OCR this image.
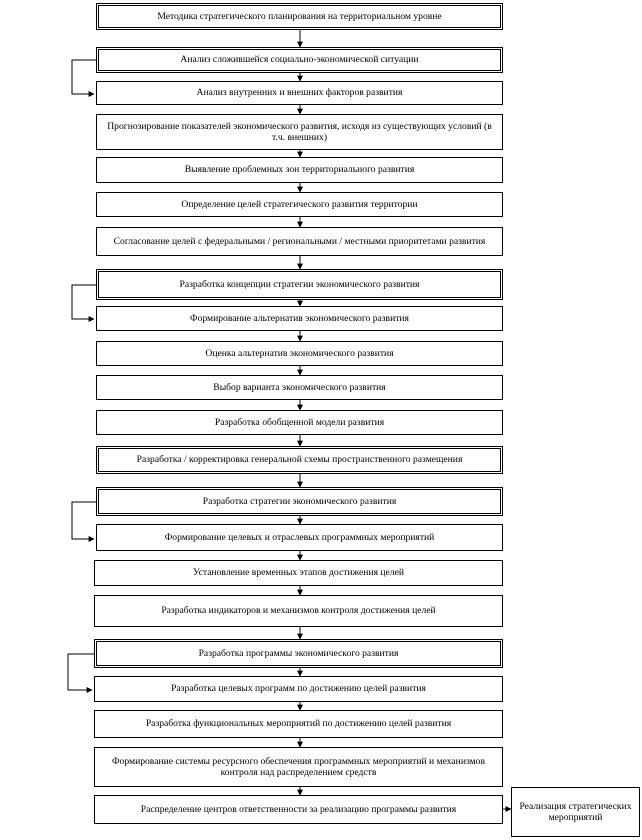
Методика стратегического планирования на территориальном уровне
Анализ сложившейся социально-экономической ситуации
Анализ внутренних и внешних факторов развития
Прогнозирование показателей экономического развития, исходя из существующих условий (в т.ч. внешних)
Выявление проблемных зон территориального развития
Определение целей стратегического развития территории
Согласование целей с федеральными / региональными / местными приоритетами развития
Разработка концепции стратегии экономического развития
Формирование альтернатив экономического развития
Оценка альтернатив экономического развития
Выбор варианта экономического развития
Разработка обобщенной модели развития
Разработка / корректировка генеральной схемы пространственного размещения
Разработка стратегии экономического развития
Формирование целевых и отраслевых программных мероприятий
Установление временных этапов достижения целей
Разработка индикаторов и механизмов контроля достижения целей
Разработка программы экономического развития
Разработка целевых программ по достижению целей развития
Разработка функциональных мероприятий по достижению целей развития
Формирование системы ресурсного обеспечения программных мероприятий и механизмов контроля над распределением средств
Распределение центров ответственности за реализацию программы развития	Реализация стратегических мероприятий
